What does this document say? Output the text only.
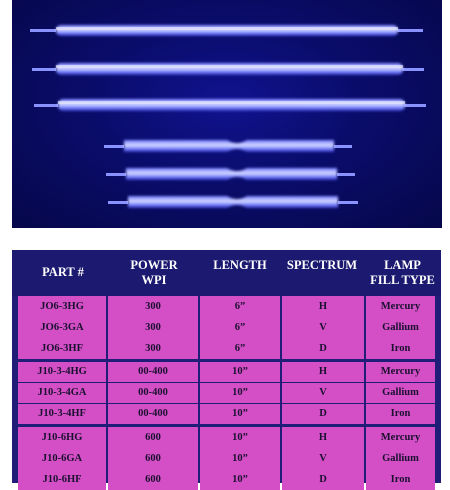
PART #	POWER
WPI
LENGTH	SPECTRUM	LAMP
FILL TYPE
JO6-3HG	300	6”	H	Mercury
JO6-3GA	300	6”	V	Gallium
JO6-3HF	300	6”	D	Iron
J10-3-4HG	00-400	10”	H	Mercury
J10-3-4GA	00-400	10”	V	Gallium
J10-3-4HF	00-400	10”	D	Iron
J10-6HG	600	10”	H	Mercury
J10-6GA	600	10”	V	Gallium
J10-6HF	600	10”	D	Iron
